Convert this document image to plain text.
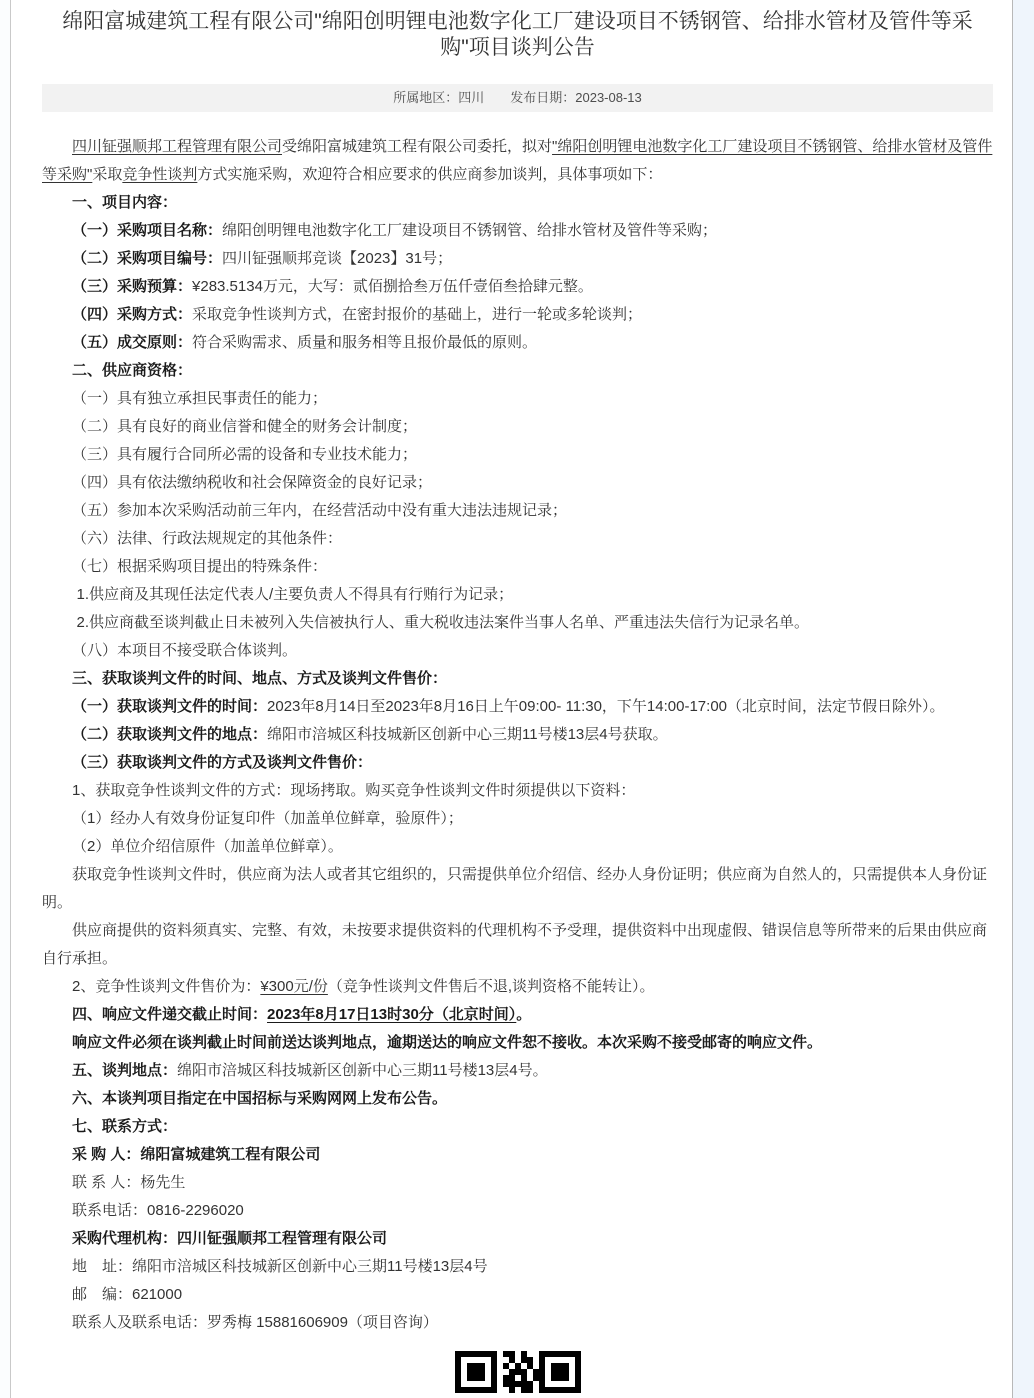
绵阳富城建筑工程有限公司"绵阳创明锂电池数字化工厂建设项目不锈钢管、给排水管材及管件等采购"项目谈判公告
所属地区：四川 发布日期：2023-08-13

四川钲强顺邦工程管理有限公司受绵阳富城建筑工程有限公司委托，拟对"绵阳创明锂电池数字化工厂建设项目不锈钢管、给排水管材及管件等采购"采取竞争性谈判方式实施采购，欢迎符合相应要求的供应商参加谈判，具体事项如下：

一、项目内容：

（一）采购项目名称：绵阳创明锂电池数字化工厂建设项目不锈钢管、给排水管材及管件等采购；

（二）采购项目编号：四川钲强顺邦竞谈【2023】31号；

（三）采购预算：¥283.5134万元，大写：贰佰捌拾叁万伍仟壹佰叁拾肆元整。

（四）采购方式：采取竞争性谈判方式，在密封报价的基础上，进行一轮或多轮谈判；

（五）成交原则：符合采购需求、质量和服务相等且报价最低的原则。

二、供应商资格：

（一）具有独立承担民事责任的能力；

（二）具有良好的商业信誉和健全的财务会计制度；

（三）具有履行合同所必需的设备和专业技术能力；

（四）具有依法缴纳税收和社会保障资金的良好记录；

（五）参加本次采购活动前三年内，在经营活动中没有重大违法违规记录；

（六）法律、行政法规规定的其他条件：

（七）根据采购项目提出的特殊条件：

1.供应商及其现任法定代表人/主要负责人不得具有行贿行为记录；

2.供应商截至谈判截止日未被列入失信被执行人、重大税收违法案件当事人名单、严重违法失信行为记录名单。

（八）本项目不接受联合体谈判。

三、获取谈判文件的时间、地点、方式及谈判文件售价：

（一）获取谈判文件的时间：2023年8月14日至2023年8月16日上午09:00- 11:30，下午14:00-17:00（北京时间，法定节假日除外）。

（二）获取谈判文件的地点：绵阳市涪城区科技城新区创新中心三期11号楼13层4号获取。

（三）获取谈判文件的方式及谈判文件售价：

1、获取竞争性谈判文件的方式：现场拷取。购买竞争性谈判文件时须提供以下资料：

（1）经办人有效身份证复印件（加盖单位鲜章，验原件）；

（2）单位介绍信原件（加盖单位鲜章）。

获取竞争性谈判文件时，供应商为法人或者其它组织的，只需提供单位介绍信、经办人身份证明；供应商为自然人的，只需提供本人身份证明。

供应商提供的资料须真实、完整、有效，未按要求提供资料的代理机构不予受理，提供资料中出现虚假、错误信息等所带来的后果由供应商自行承担。

2、竞争性谈判文件售价为：¥300元/份（竞争性谈判文件售后不退,谈判资格不能转让）。

四、响应文件递交截止时间：2023年8月17日13时30分（北京时间）。

响应文件必须在谈判截止时间前送达谈判地点，逾期送达的响应文件恕不接收。本次采购不接受邮寄的响应文件。

五、谈判地点：绵阳市涪城区科技城新区创新中心三期11号楼13层4号。

六、本谈判项目指定在中国招标与采购网网上发布公告。

七、联系方式：

采 购 人：绵阳富城建筑工程有限公司

联 系 人：杨先生

联系电话：0816-2296020

采购代理机构：四川钲强顺邦工程管理有限公司

地　址：绵阳市涪城区科技城新区创新中心三期11号楼13层4号

邮　编：621000

联系人及联系电话：罗秀梅 15881606909（项目咨询）
